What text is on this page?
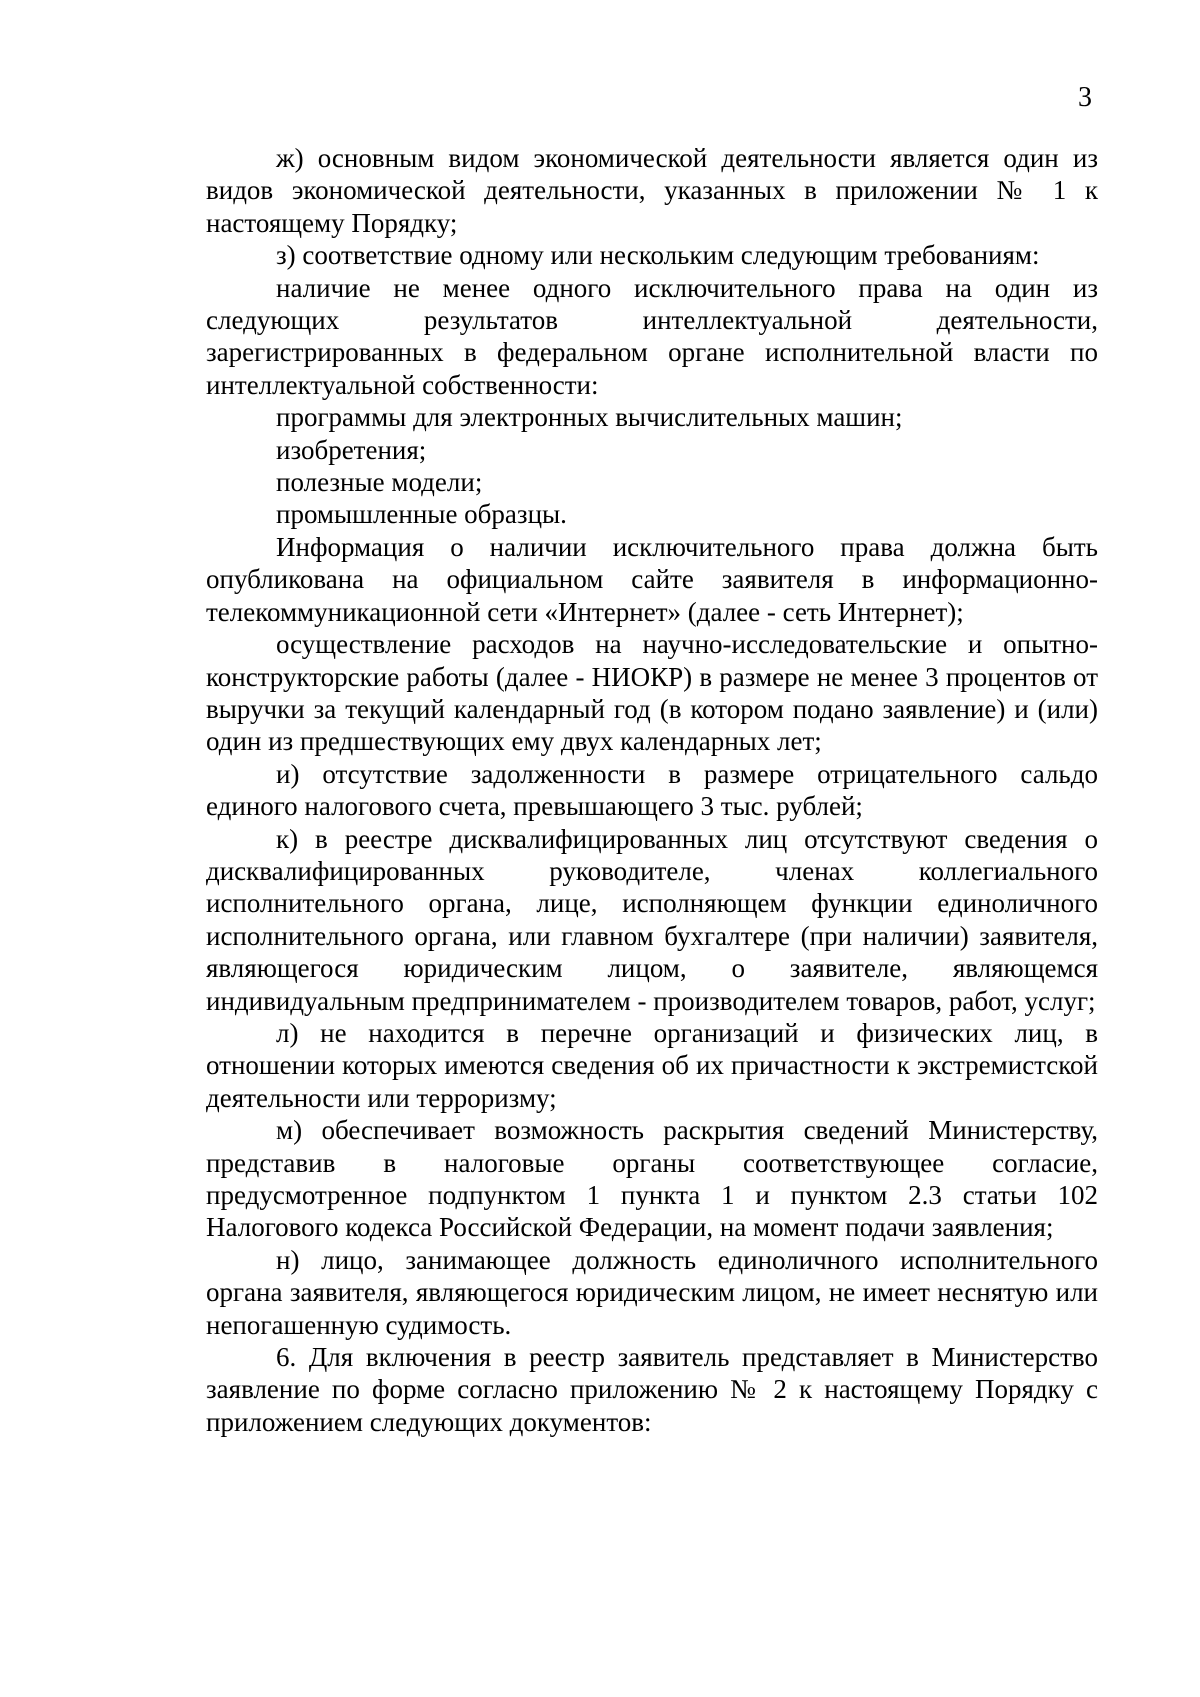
3

ж) основным видом экономической деятельности является один из видов экономической деятельности, указанных в приложении № 1 к настоящему Порядку;

з) соответствие одному или нескольким следующим требованиям:

наличие не менее одного исключительного права на один из следующих результатов интеллектуальной деятельности, зарегистрированных в федеральном органе исполнительной власти по интеллектуальной собственности:

программы для электронных вычислительных машин;

изобретения;

полезные модели;

промышленные образцы.

Информация о наличии исключительного права должна быть опубликована на официальном сайте заявителя в информационно-телекоммуникационной сети «Интернет» (далее - сеть Интернет);

осуществление расходов на научно-исследовательские и опытно-конструкторские работы (далее - НИОКР) в размере не менее 3 процентов от выручки за текущий календарный год (в котором подано заявление) и (или) один из предшествующих ему двух календарных лет;

и) отсутствие задолженности в размере отрицательного сальдо единого налогового счета, превышающего 3 тыс. рублей;

к) в реестре дисквалифицированных лиц отсутствуют сведения о дисквалифицированных руководителе, членах коллегиального исполнительного органа, лице, исполняющем функции единоличного исполнительного органа, или главном бухгалтере (при наличии) заявителя, являющегося юридическим лицом, о заявителе, являющемся индивидуальным предпринимателем - производителем товаров, работ, услуг;

л) не находится в перечне организаций и физических лиц, в отношении которых имеются сведения об их причастности к экстремистской деятельности или терроризму;

м) обеспечивает возможность раскрытия сведений Министерству, представив в налоговые органы соответствующее согласие, предусмотренное подпунктом 1 пункта 1 и пунктом 2.3 статьи 102 Налогового кодекса Российской Федерации, на момент подачи заявления;

н) лицо, занимающее должность единоличного исполнительного органа заявителя, являющегося юридическим лицом, не имеет неснятую или непогашенную судимость.

6. Для включения в реестр заявитель представляет в Министерство заявление по форме согласно приложению № 2 к настоящему Порядку с приложением следующих документов:
